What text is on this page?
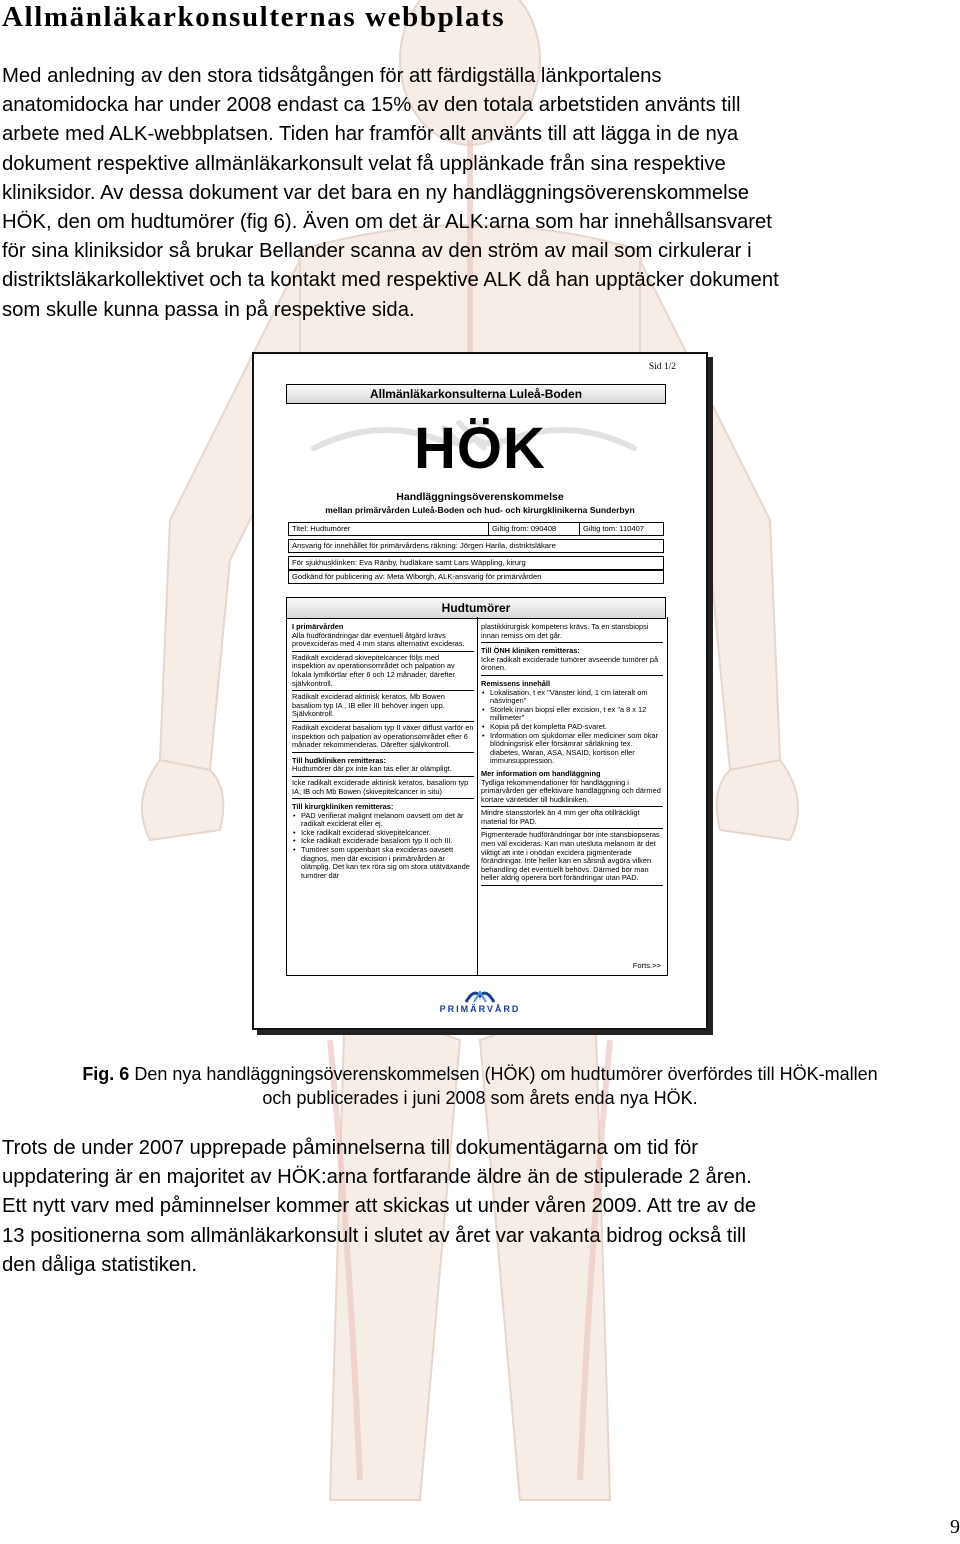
Allmänläkarkonsulternas webbplats

Med anledning av den stora tidsåtgången för att färdigställa länkportalens
anatomidocka har under 2008 endast ca 15% av den totala arbetstiden använts till
arbete med ALK-webbplatsen. Tiden har framför allt använts till att lägga in de nya
dokument respektive allmänläkarkonsult velat få upplänkade från sina respektive
kliniksidor. Av dessa dokument var det bara en ny handläggningsöverenskommelse
HÖK, den om hudtumörer (fig 6). Även om det är ALK:arna som har innehållsansvaret
för sina kliniksidor så brukar Bellander scanna av den ström av mail som cirkulerar i
distriktsläkarkollektivet och ta kontakt med respektive ALK då han upptäcker dokument
som skulle kunna passa in på respektive sida.

Sid 1/2
Allmänläkarkonsulterna Luleå-Boden
HÖK
Handläggningsöverenskommelse
mellan primärvården Luleå-Boden och hud- och kirurgklinikerna Sunderbyn
Titel: Hudtumörer	Giltig from: 090408	Giltig tom: 110407
Ansvarig för innehållet för primärvårdens räkning: Jörgen Harila, distriktsläkare
För sjukhusklinken: Eva Ränby, hudläkare samt Lars Wäppling, kirurg
Godkänd för publicering av: Meta Wiborgh, ALK-ansvarig för primärvården
Hudtumörer
I primärvården
Alla hudförändringar där eventuell åtgärd krävs provexcideras med 4 mm stans alternativt excideras.
Radikalt exciderad skivepitelcancer följs med inspektion av operationsområdet och palpation av lokala lymfkörtlar efter 6 och 12 månader, därefter självkontroll.
Radikalt exciderad aktinisk keratos, Mb Bowen basaliom typ IA , IB eller III behöver ingen upp. Självkontroll.
Radikalt exciderat basaliom typ II växer diffust varför en inspektion och palpation av operationsområdet efter 6 månader rekommenderas. Därefter självkontroll.
Till hudkliniken remitteras:
Hudtumörer där px inte kan tas eller är olämpligt.
Icke radikalt exciderade aktinisk keratos, basaliom typ IA, IB och Mb Bowen (skivepitelcancer in situ)
Till kirurgkliniken remitteras:
• PAD verifierat malignt melanom oavsett om det är radikalt exciderat eller ej.
• Icke radikalt exciderad skivepitelcancer.
• Icke radikalt exciderade basaliom typ II och III.
• Tumörer som uppenbart ska excideras oavsett diagnos, men där excision i primärvården är olämplig. Det kan tex röra sig om stora utätväxande tumörer där
plastikkirurgisk kompetens krävs. Ta en stansbiopsi innan remiss om det går.
Till ÖNH kliniken remitteras:
Icke radikalt exciderade tumörer avseende tumörer på öronen.
Remissens innehåll
• Lokalisation, t ex "Vänster kind, 1 cm lateralt om näsvingen"
• Storlek innan biopsi eller excision, t ex "a 8 x 12 millimeter"
• Kopia på det kompletta PAD-svaret.
• Information om sjukdomar eller mediciner som ökar blödningsrisk eller försämrar sårläkning tex. diabetes, Waran, ASA, NSAID, kortison eller immunsuppression.
Mer information om handläggning
Tydliga rekommendationer för handläggning i primärvården ger effektivare handläggning och därmed kortare väntetider till hudkliniken.
Mindre stansstorlek än 4 mm ger ofta otillräckligt material för PAD.
Pigmenterade hudförändringar bör inte stansbiopseras men väl excideras. Kan man utesluta melanom är det viktigt att inte i onödan excidera pigmenterade förändringar. Inte heller kan en sårsnå avgöra vilken behandling det eventuellt behövs. Därmed bör man heller aldrig operera bort förändringar utan PAD.
Forts.>>
PRIMÄRVÅRD

Fig. 6 Den nya handläggningsöverenskommelsen (HÖK) om hudtumörer överfördes till HÖK-mallen
och publicerades i juni 2008 som årets enda nya HÖK.

Trots de under 2007 upprepade påminnelserna till dokumentägarna om tid för
uppdatering är en majoritet av HÖK:arna fortfarande äldre än de stipulerade 2 åren.
Ett nytt varv med påminnelser kommer att skickas ut under våren 2009. Att tre av de
13 positionerna som allmänläkarkonsult i slutet av året var vakanta bidrog också till
den dåliga statistiken.

9
